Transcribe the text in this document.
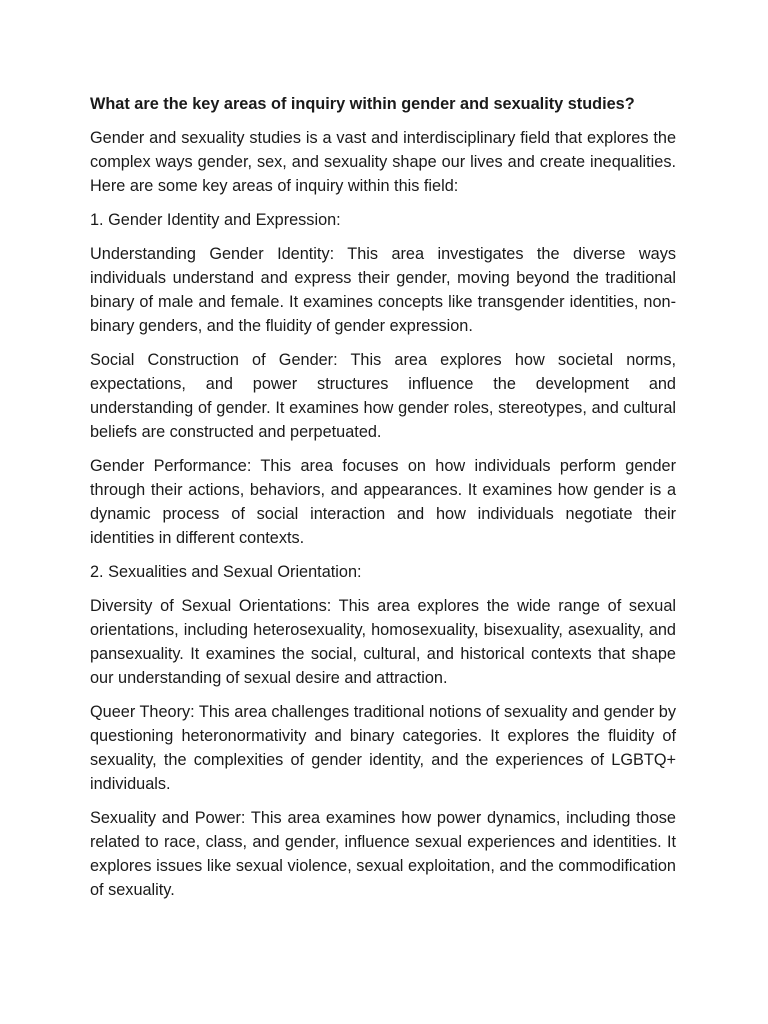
What are the key areas of inquiry within gender and sexuality studies?

Gender and sexuality studies is a vast and interdisciplinary field that explores the complex ways gender, sex, and sexuality shape our lives and create inequalities. Here are some key areas of inquiry within this field:

1. Gender Identity and Expression:

Understanding Gender Identity: This area investigates the diverse ways individuals understand and express their gender, moving beyond the traditional binary of male and female. It examines concepts like transgender identities, non-binary genders, and the fluidity of gender expression.

Social Construction of Gender: This area explores how societal norms, expectations, and power structures influence the development and understanding of gender. It examines how gender roles, stereotypes, and cultural beliefs are constructed and perpetuated.

Gender Performance: This area focuses on how individuals perform gender through their actions, behaviors, and appearances. It examines how gender is a dynamic process of social interaction and how individuals negotiate their identities in different contexts.

2. Sexualities and Sexual Orientation:

Diversity of Sexual Orientations: This area explores the wide range of sexual orientations, including heterosexuality, homosexuality, bisexuality, asexuality, and pansexuality. It examines the social, cultural, and historical contexts that shape our understanding of sexual desire and attraction.

Queer Theory: This area challenges traditional notions of sexuality and gender by questioning heteronormativity and binary categories. It explores the fluidity of sexuality, the complexities of gender identity, and the experiences of LGBTQ+ individuals.

Sexuality and Power: This area examines how power dynamics, including those related to race, class, and gender, influence sexual experiences and identities. It explores issues like sexual violence, sexual exploitation, and the commodification of sexuality.
